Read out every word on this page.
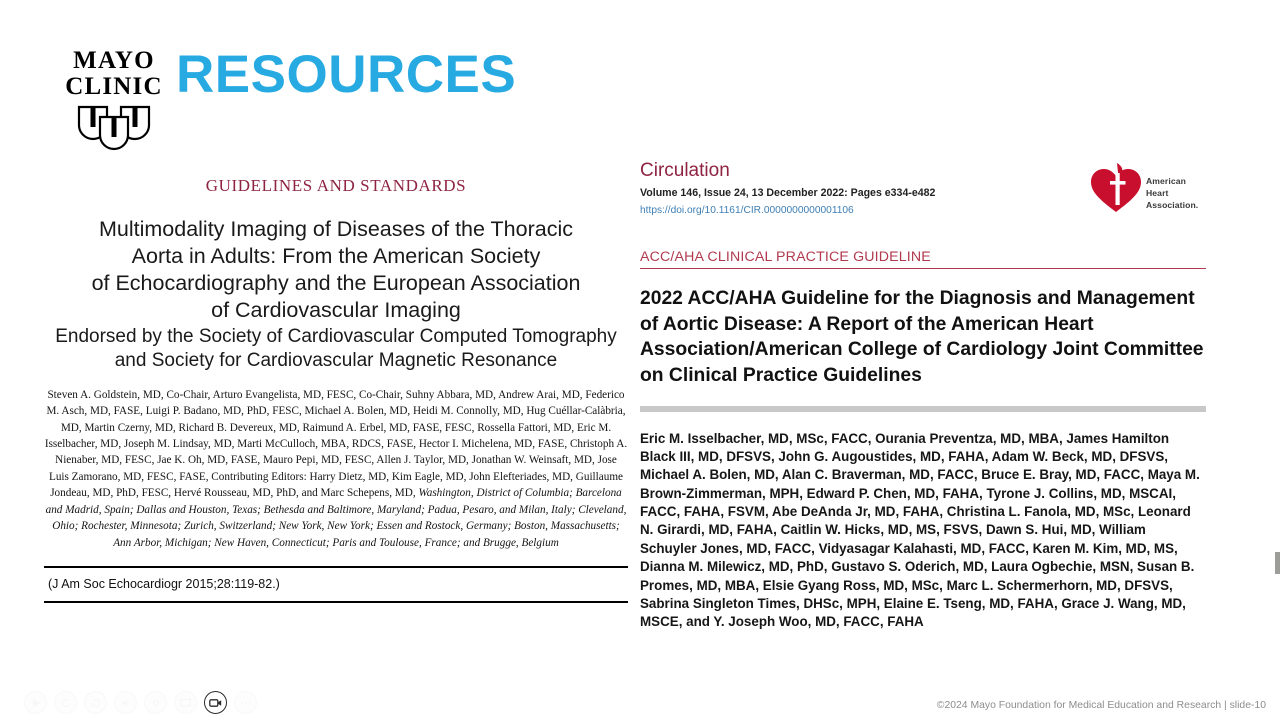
MAYO
CLINIC RESOURCES

GUIDELINES AND STANDARDS

Multimodality Imaging of Diseases of the Thoracic
Aorta in Adults: From the American Society
of Echocardiography and the European Association
of Cardiovascular Imaging
Endorsed by the Society of Cardiovascular Computed Tomography
and Society for Cardiovascular Magnetic Resonance

Steven A. Goldstein, MD, Co-Chair, Arturo Evangelista, MD, FESC, Co-Chair, Suhny Abbara, MD, Andrew Arai, MD, Federico M. Asch, MD, FASE, Luigi P. Badano, MD, PhD, FESC, Michael A. Bolen, MD, Heidi M. Connolly, MD, Hug Cuéllar-Calàbria, MD, Martin Czerny, MD, Richard B. Devereux, MD, Raimund A. Erbel, MD, FASE, FESC, Rossella Fattori, MD, Eric M. Isselbacher, MD, Joseph M. Lindsay, MD, Marti McCulloch, MBA, RDCS, FASE, Hector I. Michelena, MD, FASE, Christoph A. Nienaber, MD, FESC, Jae K. Oh, MD, FASE, Mauro Pepi, MD, FESC, Allen J. Taylor, MD, Jonathan W. Weinsaft, MD, Jose Luis Zamorano, MD, FESC, FASE, Contributing Editors: Harry Dietz, MD, Kim Eagle, MD, John Elefteriades, MD, Guillaume Jondeau, MD, PhD, FESC, Hervé Rousseau, MD, PhD, and Marc Schepens, MD, Washington, District of Columbia; Barcelona and Madrid, Spain; Dallas and Houston, Texas; Bethesda and Baltimore, Maryland; Padua, Pesaro, and Milan, Italy; Cleveland, Ohio; Rochester, Minnesota; Zurich, Switzerland; New York, New York; Essen and Rostock, Germany; Boston, Massachusetts; Ann Arbor, Michigan; New Haven, Connecticut; Paris and Toulouse, France; and Brugge, Belgium

(J Am Soc Echocardiogr 2015;28:119-82.)

Circulation

Volume 146, Issue 24, 13 December 2022: Pages e334-e482

https://doi.org/10.1161/CIR.0000000000001106
American
Heart
Association.
ACC/AHA CLINICAL PRACTICE GUIDELINE
2022 ACC/AHA Guideline for the Diagnosis and Management of Aortic Disease: A Report of the American Heart Association/American College of Cardiology Joint Committee on Clinical Practice Guidelines

Eric M. Isselbacher, MD, MSc, FACC, Ourania Preventza, MD, MBA, James Hamilton Black III, MD, DFSVS, John G. Augoustides, MD, FAHA, Adam W. Beck, MD, DFSVS, Michael A. Bolen, MD, Alan C. Braverman, MD, FACC, Bruce E. Bray, MD, FACC, Maya M. Brown-Zimmerman, MPH, Edward P. Chen, MD, FAHA, Tyrone J. Collins, MD, MSCAI, FACC, FAHA, FSVM, Abe DeAnda Jr, MD, FAHA, Christina L. Fanola, MD, MSc, Leonard N. Girardi, MD, FAHA, Caitlin W. Hicks, MD, MS, FSVS, Dawn S. Hui, MD, William Schuyler Jones, MD, FACC, Vidyasagar Kalahasti, MD, FACC, Karen M. Kim, MD, MS, Dianna M. Milewicz, MD, PhD, Gustavo S. Oderich, MD, Laura Ogbechie, MSN, Susan B. Promes, MD, MBA, Elsie Gyang Ross, MD, MSc, Marc L. Schermerhorn, MD, DFSVS, Sabrina Singleton Times, DHSc, MPH, Elaine E. Tseng, MD, FAHA, Grace J. Wang, MD, MSCE, and Y. Joseph Woo, MD, FACC, FAHA

©2024 Mayo Foundation for Medical Education and Research | slide-10
